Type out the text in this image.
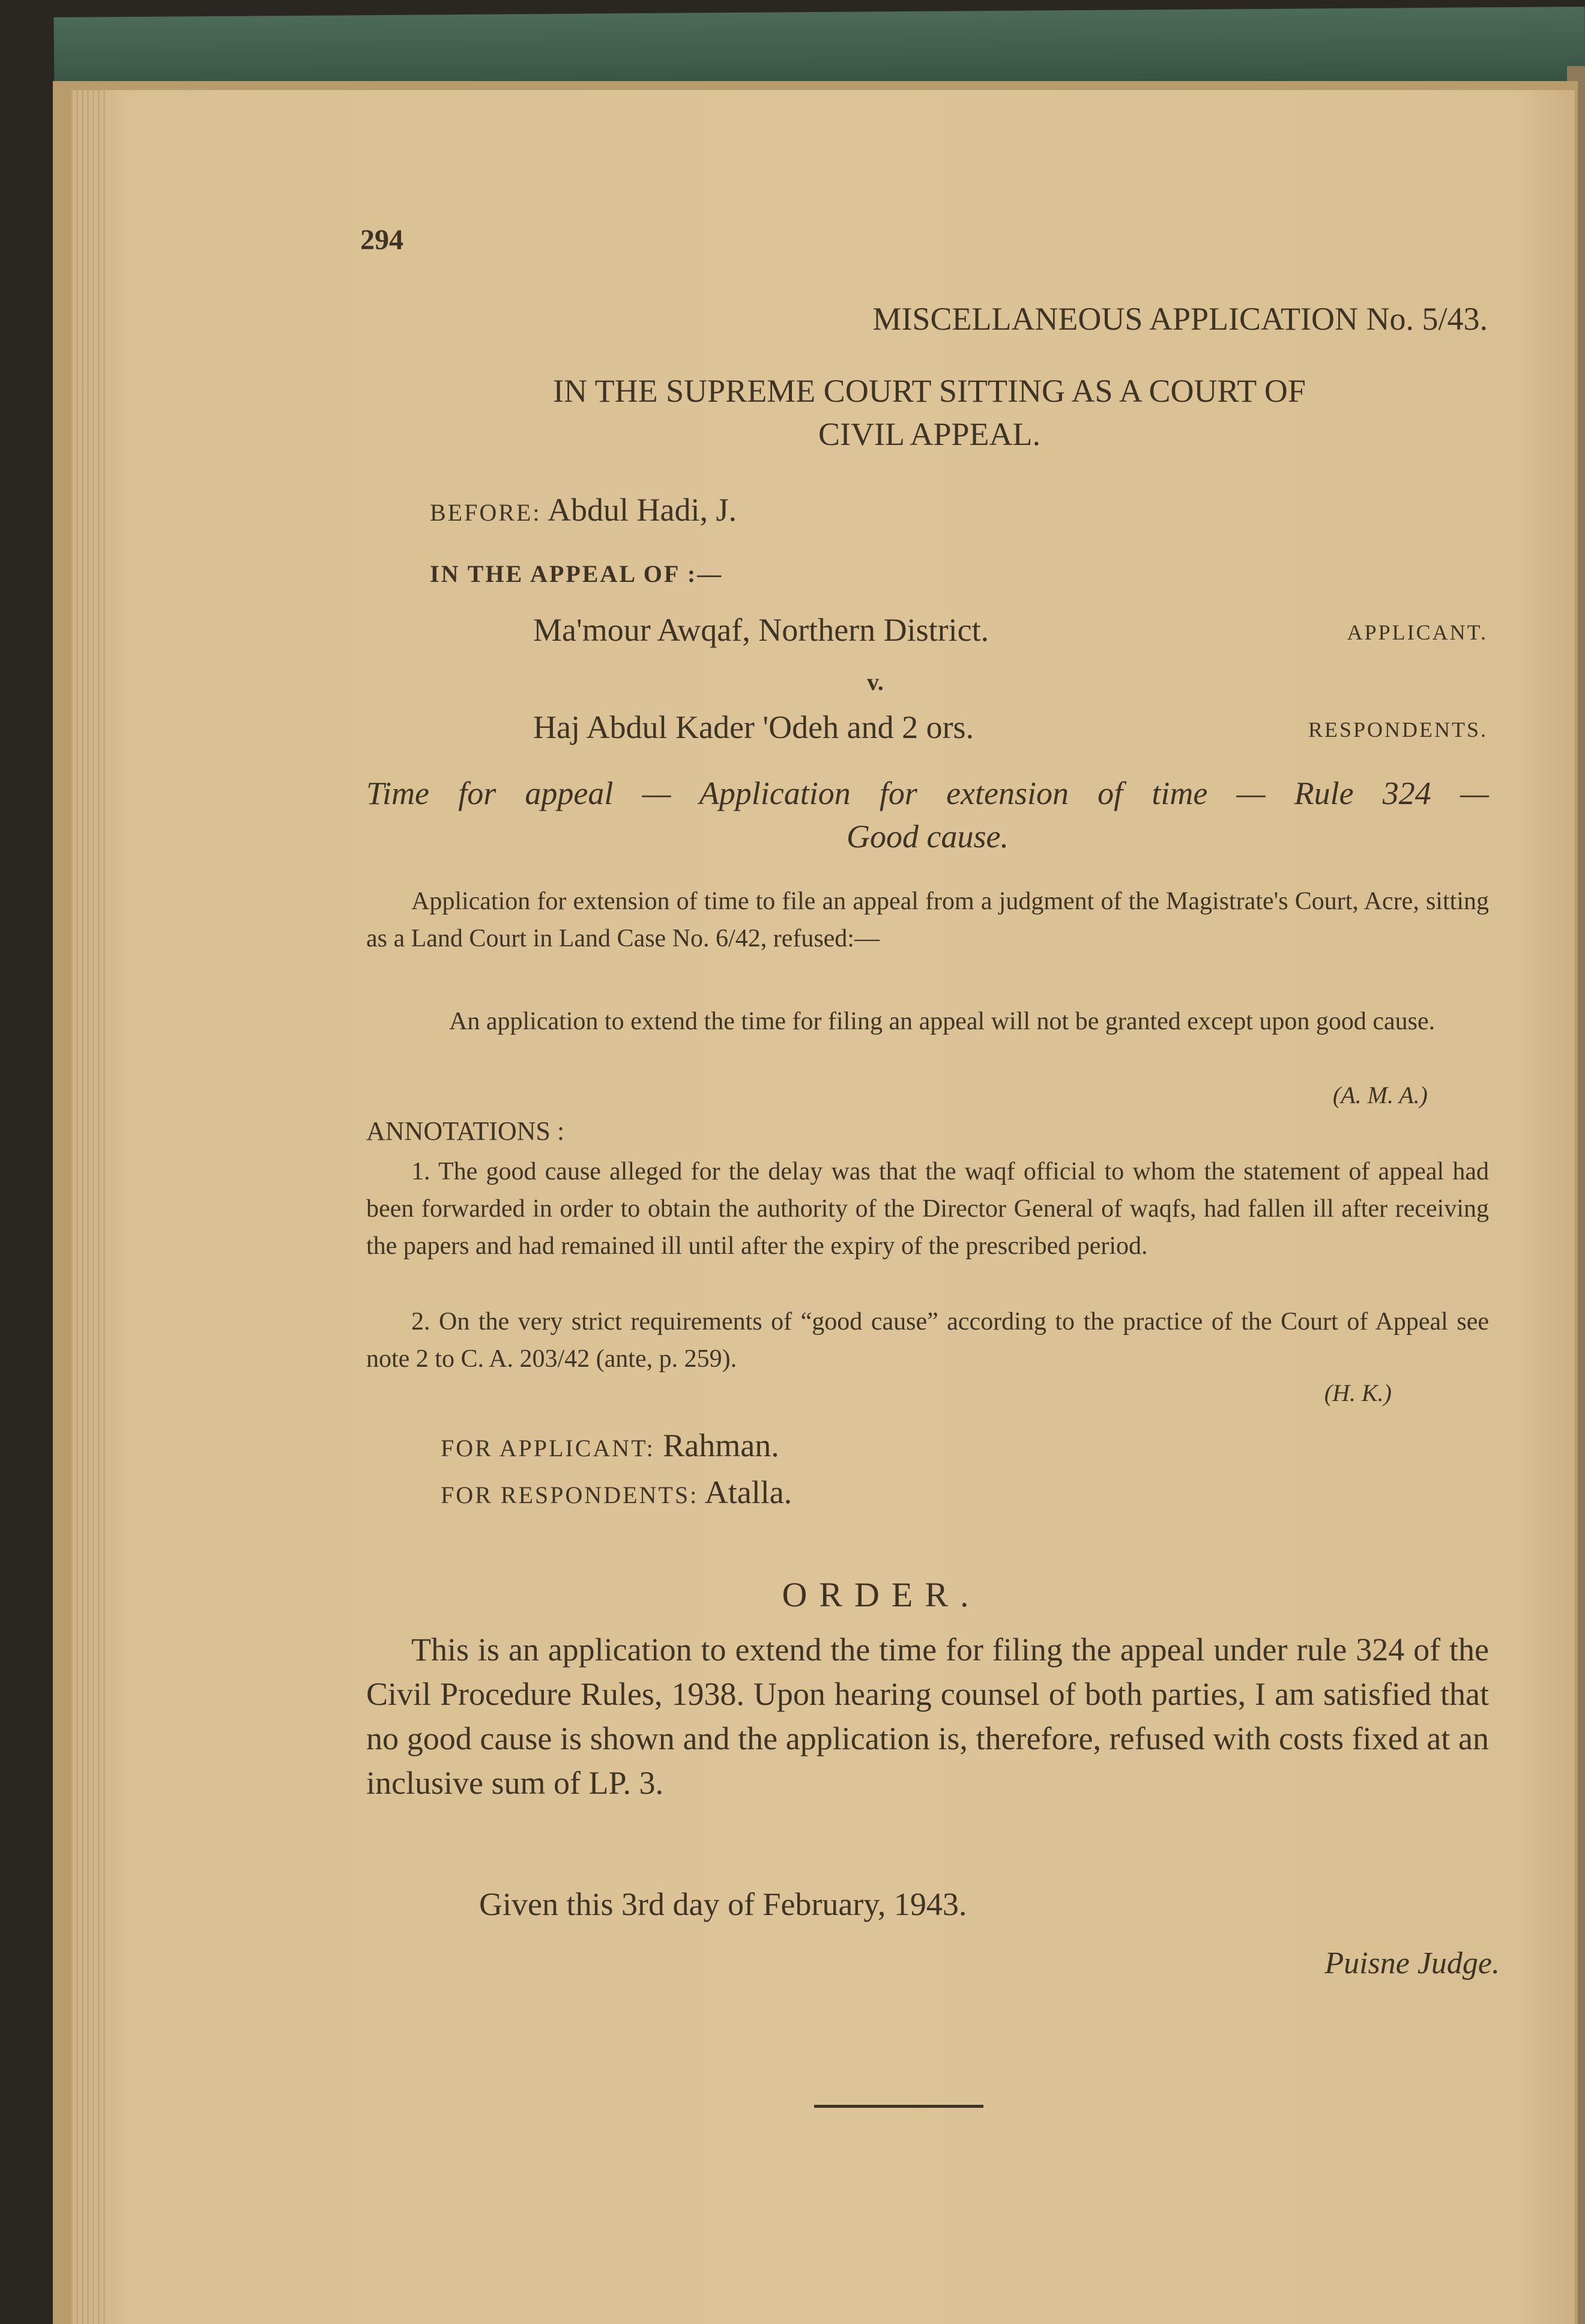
294

MISCELLANEOUS APPLICATION No. 5/43.

IN THE SUPREME COURT SITTING AS A COURT OF

CIVIL APPEAL.

BEFORE: Abdul Hadi, J.

IN THE APPEAL OF :—

Ma'mour Awqaf, Northern District.	APPLICANT.

v.

Haj Abdul Kader 'Odeh and 2 ors.	RESPONDENTS.

Time for appeal — Application for extension of time — Rule 324 —

Good cause.

Application for extension of time to file an appeal from a judgment of the Magistrate's Court, Acre, sitting as a Land Court in Land Case No. 6/42, refused:—

An application to extend the time for filing an appeal will not be granted except upon good cause.

(A. M. A.)

ANNOTATIONS :

1. The good cause alleged for the delay was that the waqf official to whom the statement of appeal had been forwarded in order to obtain the authority of the Director General of waqfs, had fallen ill after receiving the papers and had remained ill until after the expiry of the prescribed period.

2. On the very strict requirements of “good cause” according to the practice of the Court of Appeal see note 2 to C. A. 203/42 (ante, p. 259).

(H. K.)

FOR APPLICANT: Rahman.

FOR RESPONDENTS: Atalla.

ORDER.

This is an application to extend the time for filing the appeal under rule 324 of the Civil Procedure Rules, 1938. Upon hearing counsel of both parties, I am satisfied that no good cause is shown and the application is, therefore, refused with costs fixed at an inclusive sum of LP. 3.

Given this 3rd day of February, 1943.

Puisne Judge.
